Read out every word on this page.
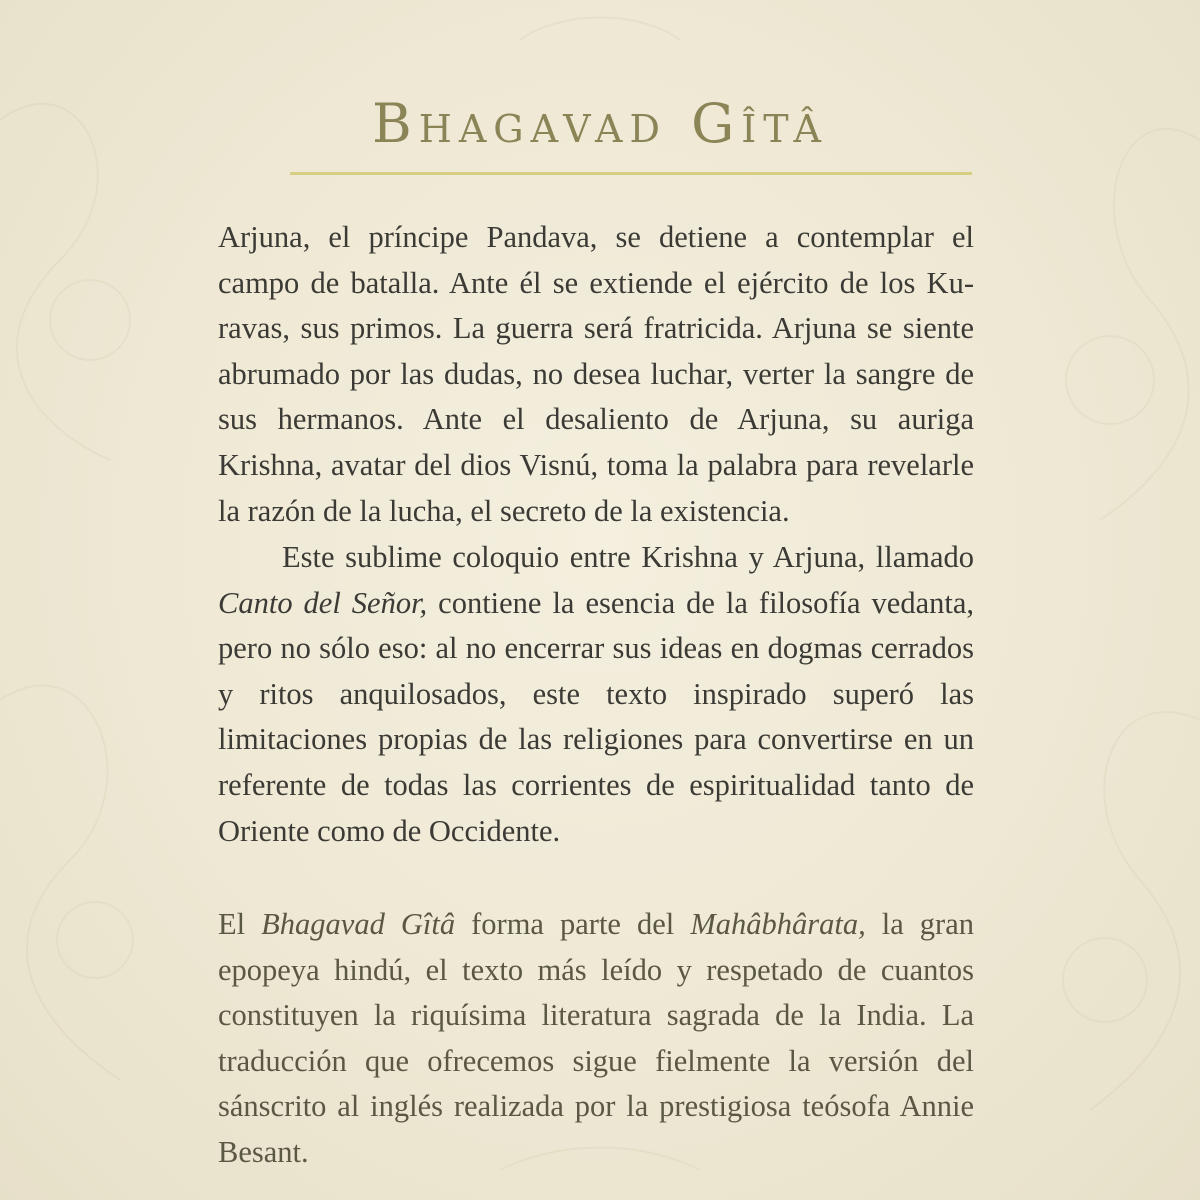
Bhagavad Gîtâ

Arjuna, el príncipe Pandava, se detiene a contemplar el campo de batalla. Ante él se extiende el ejército de los Kuravas, sus primos. La guerra será fratricida. Arjuna se siente abrumado por las dudas, no desea luchar, verter la sangre de sus hermanos. Ante el desaliento de Arjuna, su auriga Krishna, avatar del dios Visnú, toma la palabra para revelarle la razón de la lucha, el secreto de la existencia.

Este sublime coloquio entre Krishna y Arjuna, llamado Canto del Señor, contiene la esencia de la filosofía vedanta, pero no sólo eso: al no encerrar sus ideas en dogmas cerrados y ritos anquilosados, este texto inspirado superó las limitaciones propias de las religiones para convertirse en un referente de todas las corrientes de espiritualidad tanto de Oriente como de Occidente.

El Bhagavad Gîtâ forma parte del Mahâbhârata, la gran epopeya hindú, el texto más leído y respetado de cuantos constituyen la riquísima literatura sagrada de la India. La traducción que ofrecemos sigue fielmente la versión del sánscrito al inglés realizada por la prestigiosa teósofa Annie Besant.
